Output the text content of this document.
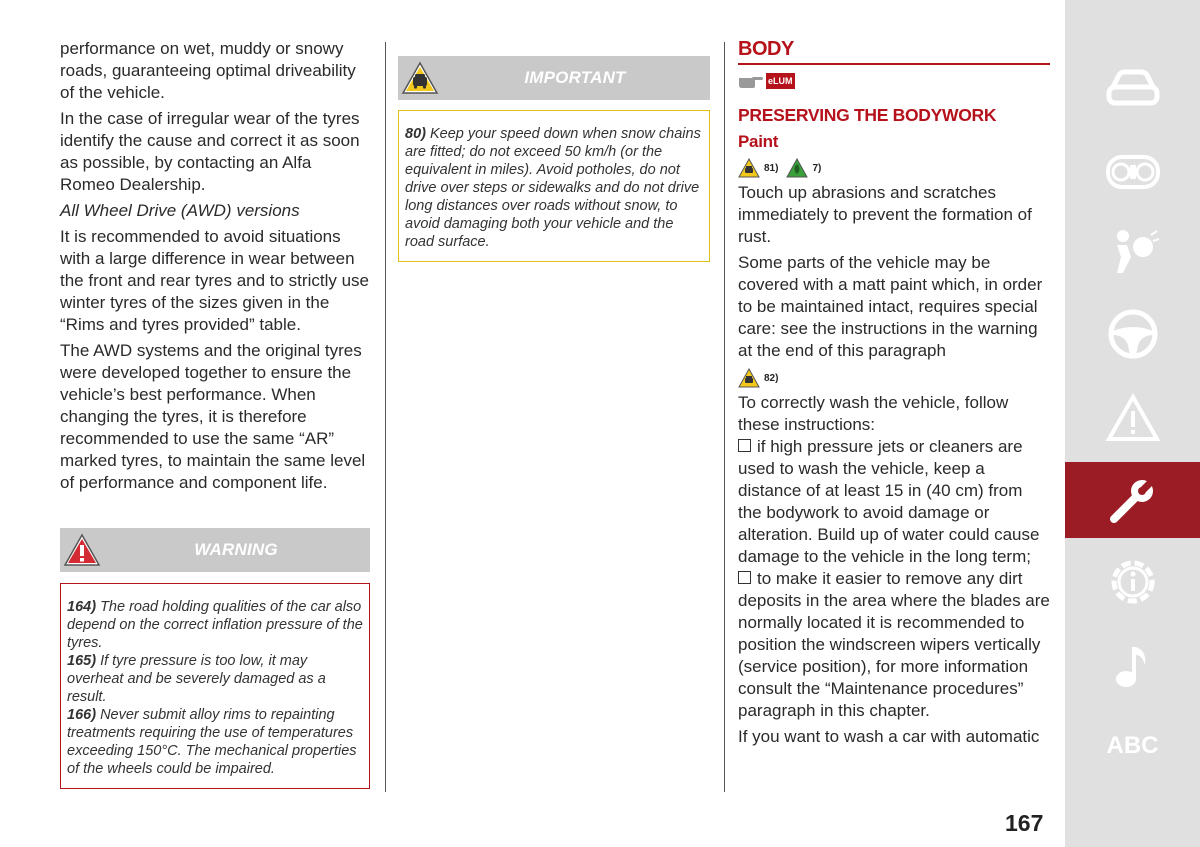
performance on wet, muddy or snowy roads, guaranteeing optimal driveability of the vehicle.

In the case of irregular wear of the tyres identify the cause and correct it as soon as possible, by contacting an Alfa Romeo Dealership.

All Wheel Drive (AWD) versions

It is recommended to avoid situations with a large difference in wear between the front and rear tyres and to strictly use winter tyres of the sizes given in the “Rims and tyres provided” table.

The AWD systems and the original tyres were developed together to ensure the vehicle’s best performance. When changing the tyres, it is therefore recommended to use the same “AR” marked tyres, to maintain the same level of performance and component life.

WARNING

164) The road holding qualities of the car also depend on the correct inflation pressure of the tyres.

165) If tyre pressure is too low, it may overheat and be severely damaged as a result.

166) Never submit alloy rims to repainting treatments requiring the use of temperatures exceeding 150°C. The mechanical properties of the wheels could be impaired.

IMPORTANT

80) Keep your speed down when snow chains are fitted; do not exceed 50 km/h (or the equivalent in miles). Avoid potholes, do not drive over steps or sidewalks and do not drive long distances over roads without snow, to avoid damaging both your vehicle and the road surface.

BODY
eLUM
PRESERVING THE BODYWORK
Paint
81)	7)

Touch up abrasions and scratches immediately to prevent the formation of rust.

Some parts of the vehicle may be covered with a matt paint which, in order to be maintained intact, requires special care: see the instructions in the warning at the end of this paragraph

82)

To correctly wash the vehicle, follow these instructions:

if high pressure jets or cleaners are used to wash the vehicle, keep a distance of at least 15 in (40 cm) from the bodywork to avoid damage or alteration. Build up of water could cause damage to the vehicle in the long term;

to make it easier to remove any dirt deposits in the area where the blades are normally located it is recommended to position the windscreen wipers vertically (service position), for more information consult the “Maintenance procedures” paragraph in this chapter.

If you want to wash a car with automatic	ABC
167
